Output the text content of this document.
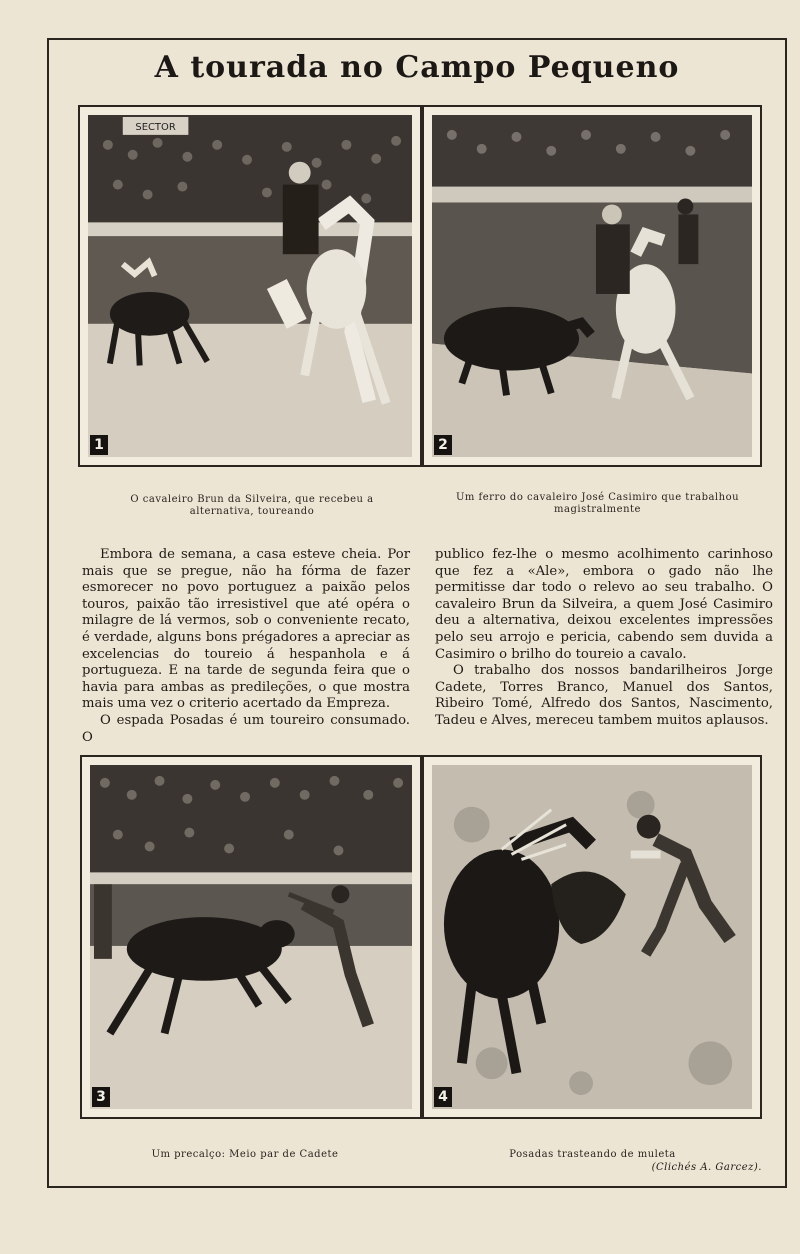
A tourada no Campo Pequeno
SECTOR
1	2
O cavaleiro Brun da Silveira, que recebeu a alternativa, toureando
Um ferro do cavaleiro José Casimiro que trabalhou magistralmente

Embora de semana, a casa esteve cheia. Por mais que se pregue, não ha fórma de fazer esmorecer no povo portuguez a paixão pelos touros, paixão tão irresistivel que até opéra o milagre de lá vermos, sob o conveniente recato, é verdade, alguns bons prégadores a apreciar as excelencias do toureio á hespanhola e á portugueza. E na tarde de segunda feira que o havia para ambas as predileções, o que mostra mais uma vez o criterio acertado da Empreza.

O espada Posadas é um toureiro consumado. O

publico fez-lhe o mesmo acolhimento carinhoso que fez a «Ale», embora o gado não lhe permitisse dar todo o relevo ao seu trabalho. O cavaleiro Brun da Silveira, a quem José Casimiro deu a alternativa, deixou excelentes impressões pelo seu arrojo e pericia, cabendo sem duvida a Casimiro o brilho do toureio a cavalo.

O trabalho dos nossos bandarilheiros Jorge Cadete, Torres Branco, Manuel dos Santos, Ribeiro Tomé, Alfredo dos Santos, Nascimento, Tadeu e Alves, mereceu tambem muitos aplausos.

3	4
Um precalço: Meio par de Cadete	Posadas trasteando de muleta
(Clichés A. Garcez).
